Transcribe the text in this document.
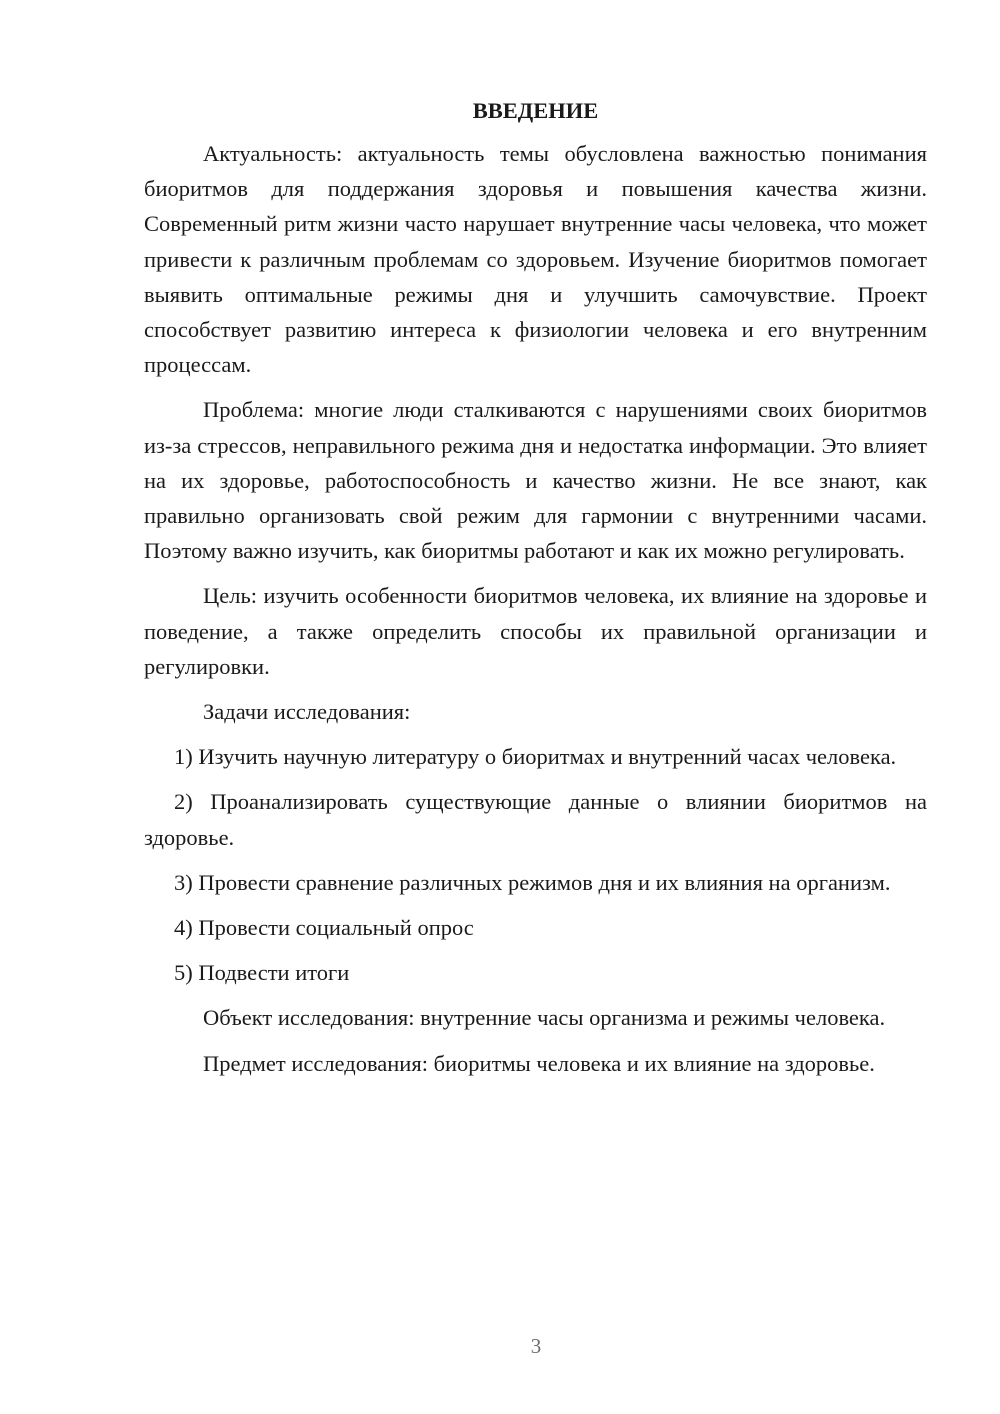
ВВЕДЕНИЕ

Актуальность: актуальность темы обусловлена важностью понимания биоритмов для поддержания здоровья и повышения качества жизни. Современный ритм жизни часто нарушает внутренние часы человека, что может привести к различным проблемам со здоровьем. Изучение биоритмов помогает выявить оптимальные режимы дня и улучшить самочувствие. Проект способствует развитию интереса к физиологии человека и его внутренним процессам.

Проблема: многие люди сталкиваются с нарушениями своих биоритмов из-за стрессов, неправильного режима дня и недостатка информации. Это влияет на их здоровье, работоспособность и качество жизни. Не все знают, как правильно организовать свой режим для гармонии с внутренними часами. Поэтому важно изучить, как биоритмы работают и как их можно регулировать.

Цель: изучить особенности биоритмов человека, их влияние на здоровье и поведение, а также определить способы их правильной организации и регулировки.

Задачи исследования:

1) Изучить научную литературу о биоритмах и внутренний часах человека.

2) Проанализировать существующие данные о влиянии биоритмов на здоровье.

3) Провести сравнение различных режимов дня и их влияния на организм.

4) Провести социальный опрос

5) Подвести итоги

Объект исследования: внутренние часы организма и режимы человека.

Предмет исследования: биоритмы человека и их влияние на здоровье.

3
